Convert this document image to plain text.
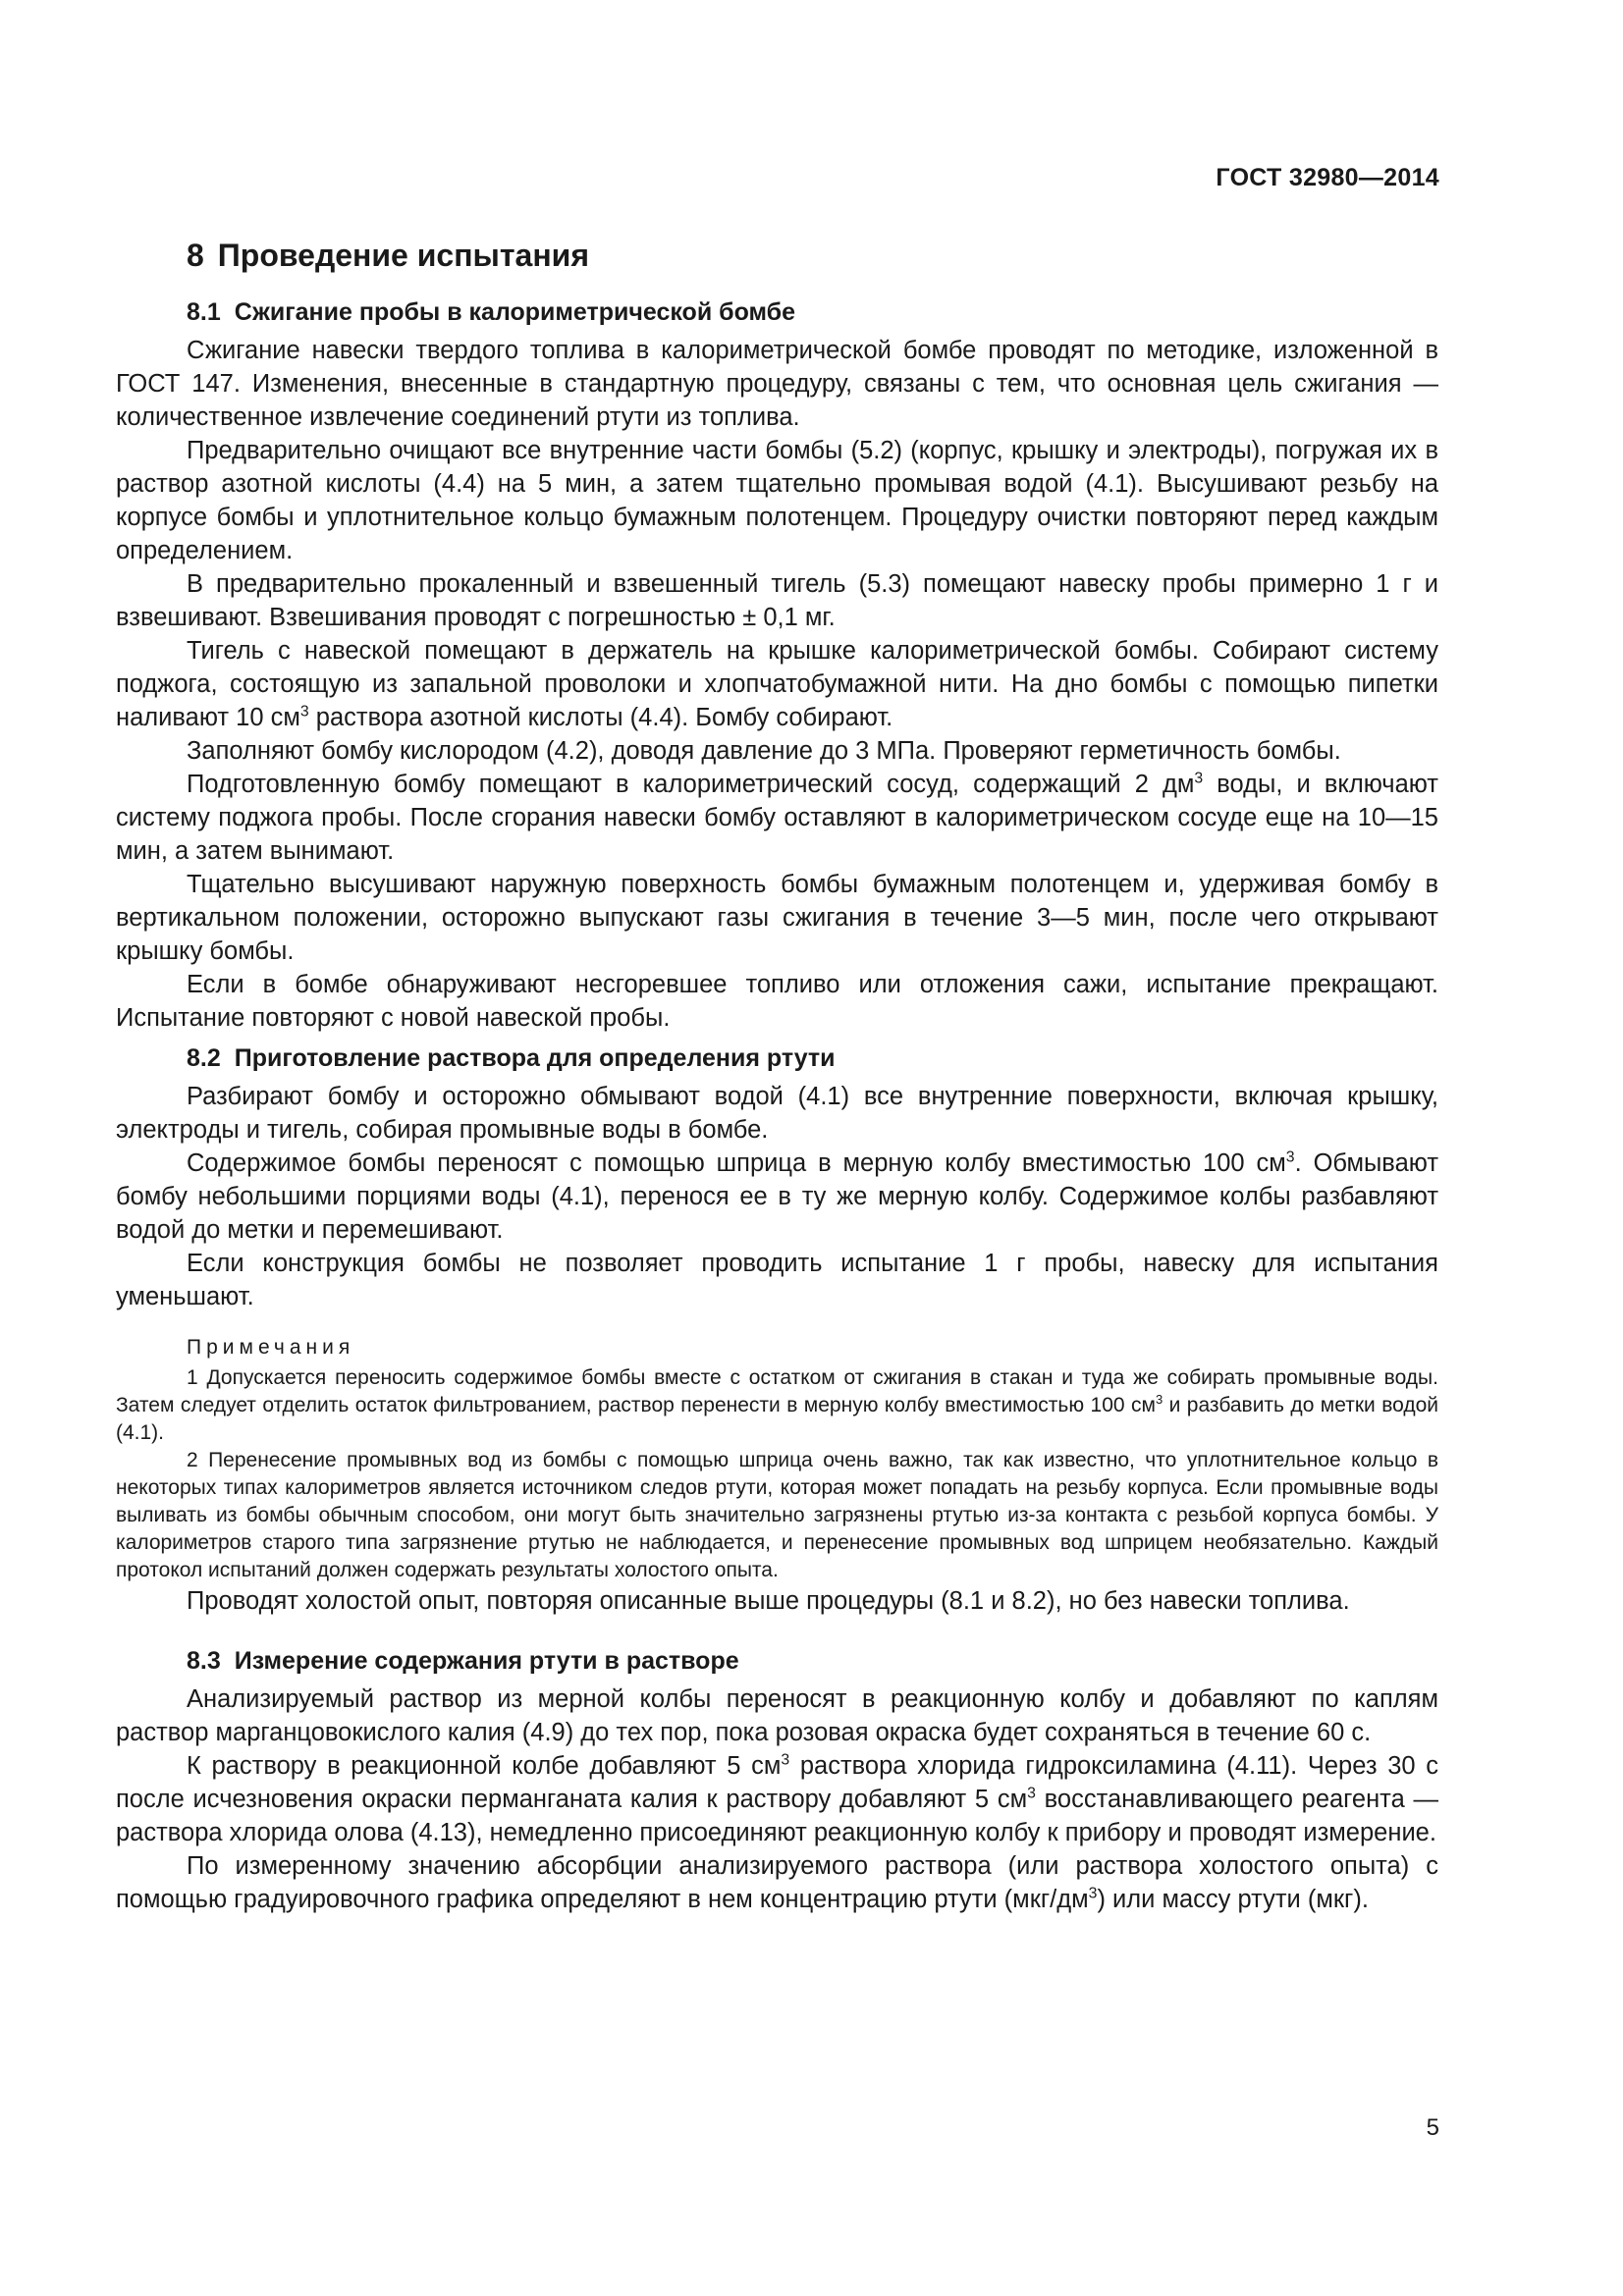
ГОСТ 32980—2014
8 Проведение испытания
8.1 Сжигание пробы в калориметрической бомбе

Сжигание навески твердого топлива в калориметрической бомбе проводят по методике, изложенной в ГОСТ 147. Изменения, внесенные в стандартную процедуру, связаны с тем, что основная цель сжигания — количественное извлечение соединений ртути из топлива.

Предварительно очищают все внутренние части бомбы (5.2) (корпус, крышку и электроды), погружая их в раствор азотной кислоты (4.4) на 5 мин, а затем тщательно промывая водой (4.1). Высушивают резьбу на корпусе бомбы и уплотнительное кольцо бумажным полотенцем. Процедуру очистки повторяют перед каждым определением.

В предварительно прокаленный и взвешенный тигель (5.3) помещают навеску пробы примерно 1 г и взвешивают. Взвешивания проводят с погрешностью ± 0,1 мг.

Тигель с навеской помещают в держатель на крышке калориметрической бомбы. Собирают систему поджога, состоящую из запальной проволоки и хлопчатобумажной нити. На дно бомбы с помощью пипетки наливают 10 $см^3$ раствора азотной кислоты (4.4). Бомбу собирают.

Заполняют бомбу кислородом (4.2), доводя давление до 3 МПа. Проверяют герметичность бомбы.

Подготовленную бомбу помещают в калориметрический сосуд, содержащий 2 $дм^3$ воды, и включают систему поджога пробы. После сгорания навески бомбу оставляют в калориметрическом сосуде еще на 10—15 мин, а затем вынимают.

Тщательно высушивают наружную поверхность бомбы бумажным полотенцем и, удерживая бомбу в вертикальном положении, осторожно выпускают газы сжигания в течение 3—5 мин, после чего открывают крышку бомбы.

Если в бомбе обнаруживают несгоревшее топливо или отложения сажи, испытание прекращают. Испытание повторяют с новой навеской пробы.

8.2 Приготовление раствора для определения ртути

Разбирают бомбу и осторожно обмывают водой (4.1) все внутренние поверхности, включая крышку, электроды и тигель, собирая промывные воды в бомбе.

Содержимое бомбы переносят с помощью шприца в мерную колбу вместимостью 100 $см^3$. Обмывают бомбу небольшими порциями воды (4.1), перенося ее в ту же мерную колбу. Содержимое колбы разбавляют водой до метки и перемешивают.

Если конструкция бомбы не позволяет проводить испытание 1 г пробы, навеску для испытания уменьшают.

Примечания

1 Допускается переносить содержимое бомбы вместе с остатком от сжигания в стакан и туда же собирать промывные воды. Затем следует отделить остаток фильтрованием, раствор перенести в мерную колбу вместимостью 100 $см^3$ и разбавить до метки водой (4.1).

2 Перенесение промывных вод из бомбы с помощью шприца очень важно, так как известно, что уплотнительное кольцо в некоторых типах калориметров является источником следов ртути, которая может попадать на резьбу корпуса. Если промывные воды выливать из бомбы обычным способом, они могут быть значительно загрязнены ртутью из-за контакта с резьбой корпуса бомбы. У калориметров старого типа загрязнение ртутью не наблюдается, и перенесение промывных вод шприцем необязательно. Каждый протокол испытаний должен содержать результаты холостого опыта.

Проводят холостой опыт, повторяя описанные выше процедуры (8.1 и 8.2), но без навески топлива.

8.3 Измерение содержания ртути в растворе

Анализируемый раствор из мерной колбы переносят в реакционную колбу и добавляют по каплям раствор марганцовокислого калия (4.9) до тех пор, пока розовая окраска будет сохраняться в течение 60 с.

К раствору в реакционной колбе добавляют 5 $см^3$ раствора хлорида гидроксиламина (4.11). Через 30 с после исчезновения окраски перманганата калия к раствору добавляют 5 $см^3$ восстанавливающего реагента — раствора хлорида олова (4.13), немедленно присоединяют реакционную колбу к прибору и проводят измерение.

По измеренному значению абсорбции анализируемого раствора (или раствора холостого опыта) с помощью градуировочного графика определяют в нем концентрацию ртути $(мкг/дм^3)$ или массу ртути (мкг).

5
